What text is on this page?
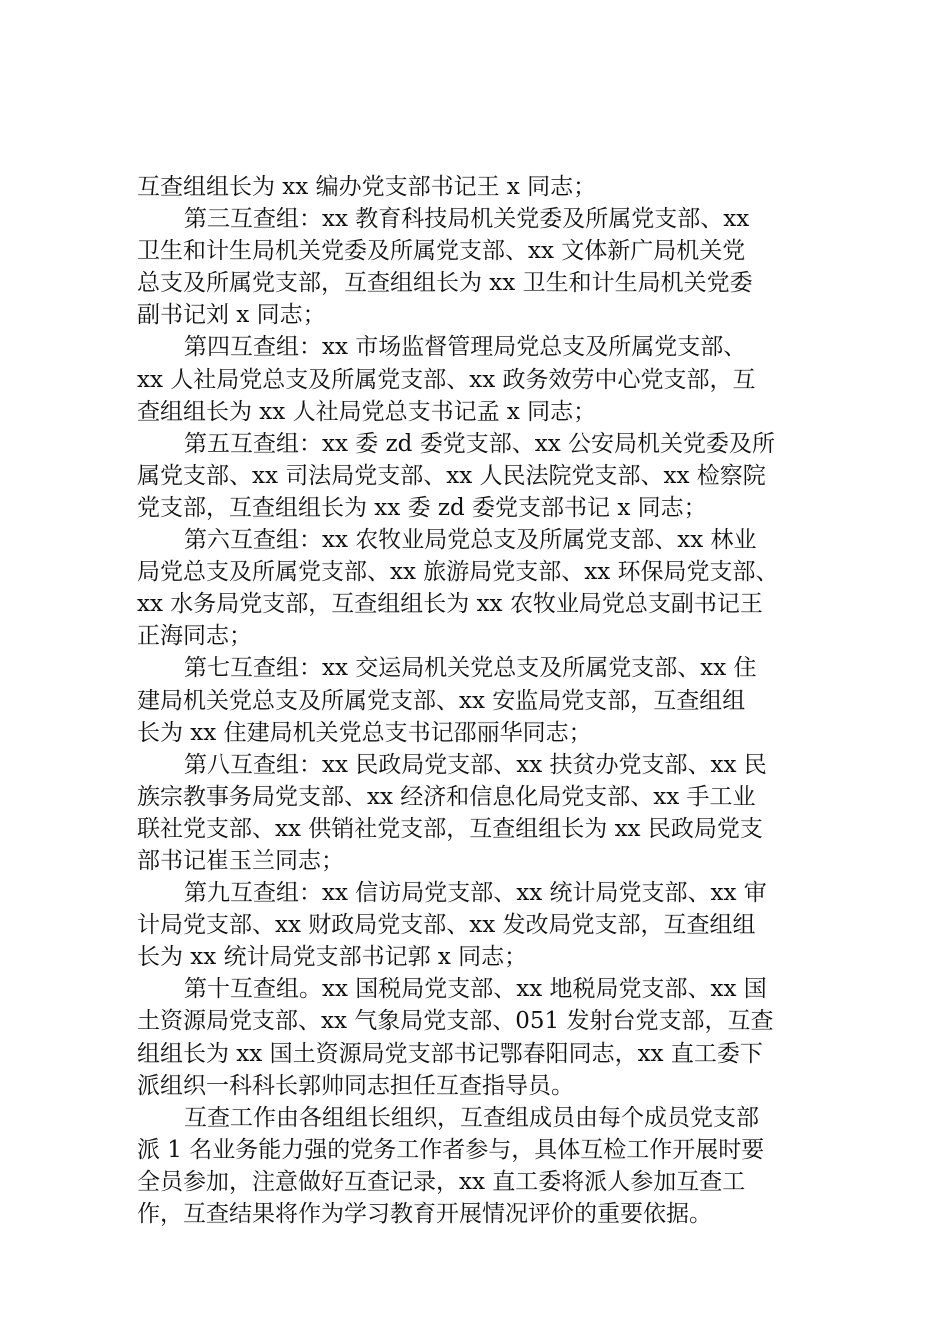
互查组组长为 xx 编办党支部书记王 x 同志；
第三互查组：xx 教育科技局机关党委及所属党支部、xx
卫生和计生局机关党委及所属党支部、xx 文体新广局机关党
总支及所属党支部，互查组组长为 xx 卫生和计生局机关党委
副书记刘 x 同志；
第四互查组：xx 市场监督管理局党总支及所属党支部、
xx 人社局党总支及所属党支部、xx 政务效劳中心党支部，互
查组组长为 xx 人社局党总支书记孟 x 同志；
第五互查组：xx 委 zd 委党支部、xx 公安局机关党委及所
属党支部、xx 司法局党支部、xx 人民法院党支部、xx 检察院
党支部，互查组组长为 xx 委 zd 委党支部书记 x 同志；
第六互查组：xx 农牧业局党总支及所属党支部、xx 林业
局党总支及所属党支部、xx 旅游局党支部、xx 环保局党支部、
xx 水务局党支部，互查组组长为 xx 农牧业局党总支副书记王
正海同志；
第七互查组：xx 交运局机关党总支及所属党支部、xx 住
建局机关党总支及所属党支部、xx 安监局党支部，互查组组
长为 xx 住建局机关党总支书记邵丽华同志；
第八互查组：xx 民政局党支部、xx 扶贫办党支部、xx 民
族宗教事务局党支部、xx 经济和信息化局党支部、xx 手工业
联社党支部、xx 供销社党支部，互查组组长为 xx 民政局党支
部书记崔玉兰同志；
第九互查组：xx 信访局党支部、xx 统计局党支部、xx 审
计局党支部、xx 财政局党支部、xx 发改局党支部，互查组组
长为 xx 统计局党支部书记郭 x 同志；
第十互查组。xx 国税局党支部、xx 地税局党支部、xx 国
土资源局党支部、xx 气象局党支部、051 发射台党支部，互查
组组长为 xx 国土资源局党支部书记鄂春阳同志，xx 直工委下
派组织一科科长郭帅同志担任互查指导员。
互查工作由各组组长组织，互查组成员由每个成员党支部
派 1 名业务能力强的党务工作者参与，具体互检工作开展时要
全员参加，注意做好互查记录，xx 直工委将派人参加互查工
作，互查结果将作为学习教育开展情况评价的重要依据。
